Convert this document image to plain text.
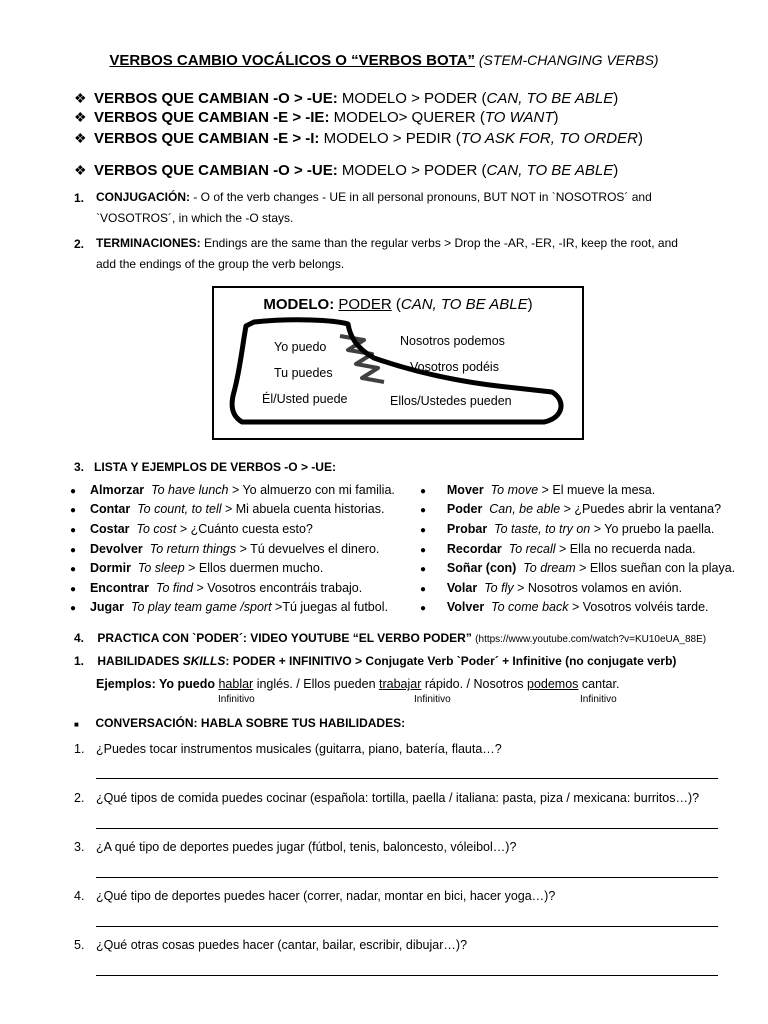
VERBOS CAMBIO VOCÁLICOS O “VERBOS BOTA” (STEM-CHANGING VERBS)
❖ VERBOS QUE CAMBIAN -O > -UE: MODELO > PODER (CAN, TO BE ABLE)
❖ VERBOS QUE CAMBIAN -E > -IE: MODELO> QUERER (TO WANT)
❖ VERBOS QUE CAMBIAN -E > -I: MODELO > PEDIR (TO ASK FOR, TO ORDER)
❖ VERBOS QUE CAMBIAN -O > -UE: MODELO > PODER (CAN, TO BE ABLE)
1. CONJUGACIÓN: - O of the verb changes - UE in all personal pronouns, BUT NOT in `NOSOTROS´ and
`VOSOTROS´, in which the -O stays.
2. TERMINACIONES: Endings are the same than the regular verbs > Drop the -AR, -ER, -IR, keep the root, and
add the endings of the group the verb belongs.
MODELO: PODER (CAN, TO BE ABLE)
Yo puedo
Tu puedes
Él/Usted puede
Nosotros podemos
Vosotros podéis
Ellos/Ustedes pueden
3. LISTA Y EJEMPLOS DE VERBOS -O > -UE:
● Almorzar To have lunch > Yo almuerzo con mi familia.
● Contar To count, to tell > Mi abuela cuenta historias.
● Costar To cost > ¿Cuánto cuesta esto?
● Devolver To return things > Tú devuelves el dinero.
● Dormir To sleep > Ellos duermen mucho.
● Encontrar To find > Vosotros encontráis trabajo.
● Jugar To play team game /sport >Tú juegas al futbol.
● Mover To move > El mueve la mesa.
● Poder Can, be able > ¿Puedes abrir la ventana?
● Probar To taste, to try on > Yo pruebo la paella.
● Recordar To recall > Ella no recuerda nada.
● Soñar (con) To dream > Ellos sueñan con la playa.
● Volar To fly > Nosotros volamos en avión.
● Volver To come back > Vosotros volvéis tarde.
4. PRACTICA CON `PODER´: VIDEO YOUTUBE “EL VERBO PODER” (https://www.youtube.com/watch?v=KU10eUA_88E)
1. HABILIDADES SKILLS: PODER + INFINITIVO > Conjugate Verb `Poder´ + Infinitive (no conjugate verb)
Ejemplos: Yo puedo hablar inglés. / Ellos pueden trabajar rápido. / Nosotros podemos cantar.
Infinitivo	Infinitivo	Infinitivo
■ CONVERSACIÓN: HABLA SOBRE TUS HABILIDADES:
1. ¿Puedes tocar instrumentos musicales (guitarra, piano, batería, flauta…?
2. ¿Qué tipos de comida puedes cocinar (española: tortilla, paella / italiana: pasta, piza / mexicana: burritos…)?
3. ¿A qué tipo de deportes puedes jugar (fútbol, tenis, baloncesto, vóleibol…)?
4. ¿Qué tipo de deportes puedes hacer (correr, nadar, montar en bici, hacer yoga…)?
5. ¿Qué otras cosas puedes hacer (cantar, bailar, escribir, dibujar…)?
